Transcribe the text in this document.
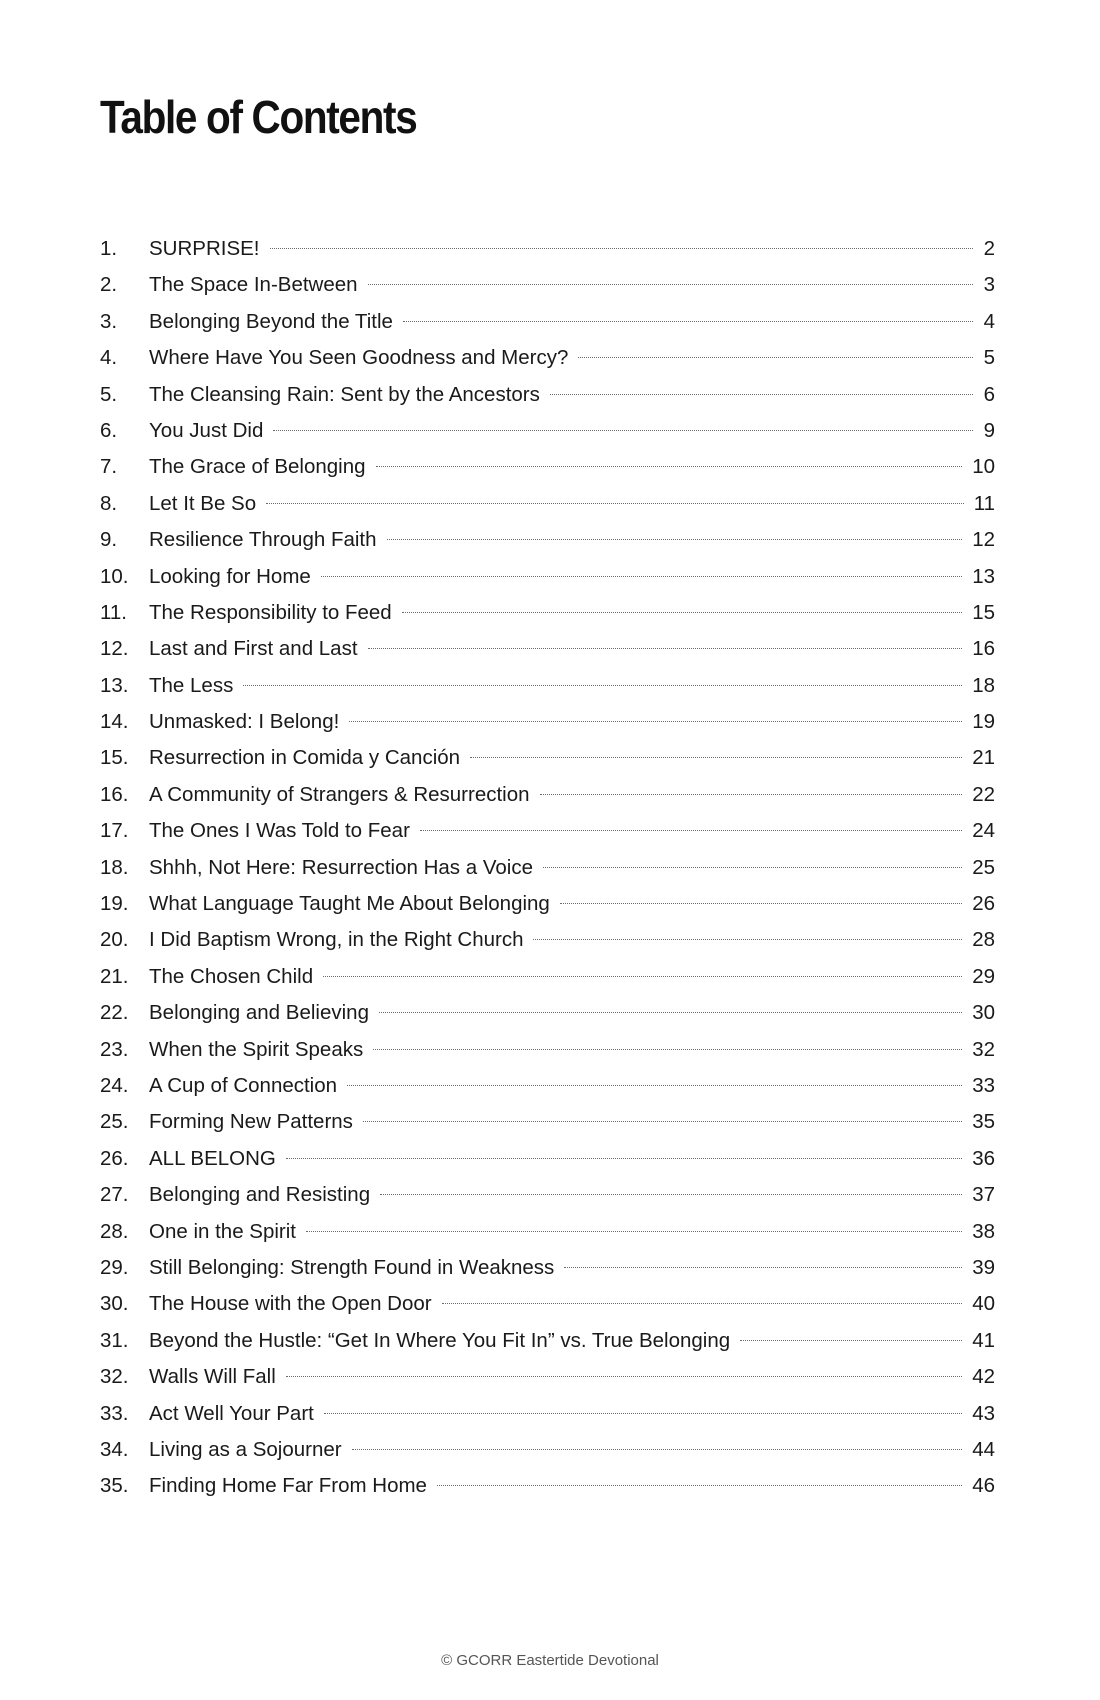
Table of Contents
1.	SURPRISE!	2
2.	The Space In-Between	3
3.	Belonging Beyond the Title	4
4.	Where Have You Seen Goodness and Mercy?	5
5.	The Cleansing Rain: Sent by the Ancestors	6
6.	You Just Did	9
7.	The Grace of Belonging	10
8.	Let It Be So	11
9.	Resilience Through Faith	12
10.	Looking for Home	13
11.	The Responsibility to Feed	15
12.	Last and First and Last	16
13.	The Less	18
14.	Unmasked: I Belong!	19
15.	Resurrection in Comida y Canción	21
16.	A Community of Strangers & Resurrection	22
17.	The Ones I Was Told to Fear	24
18.	Shhh, Not Here: Resurrection Has a Voice	25
19.	What Language Taught Me About Belonging	26
20.	I Did Baptism Wrong, in the Right Church	28
21.	The Chosen Child	29
22.	Belonging and Believing	30
23.	When the Spirit Speaks	32
24.	A Cup of Connection	33
25.	Forming New Patterns	35
26.	ALL BELONG	36
27.	Belonging and Resisting	37
28.	One in the Spirit	38
29.	Still Belonging: Strength Found in Weakness	39
30.	The House with the Open Door	40
31.	Beyond the Hustle: “Get In Where You Fit In” vs. True Belonging	41
32.	Walls Will Fall	42
33.	Act Well Your Part	43
34.	Living as a Sojourner	44
35.	Finding Home Far From Home	46
© GCORR Eastertide Devotional
